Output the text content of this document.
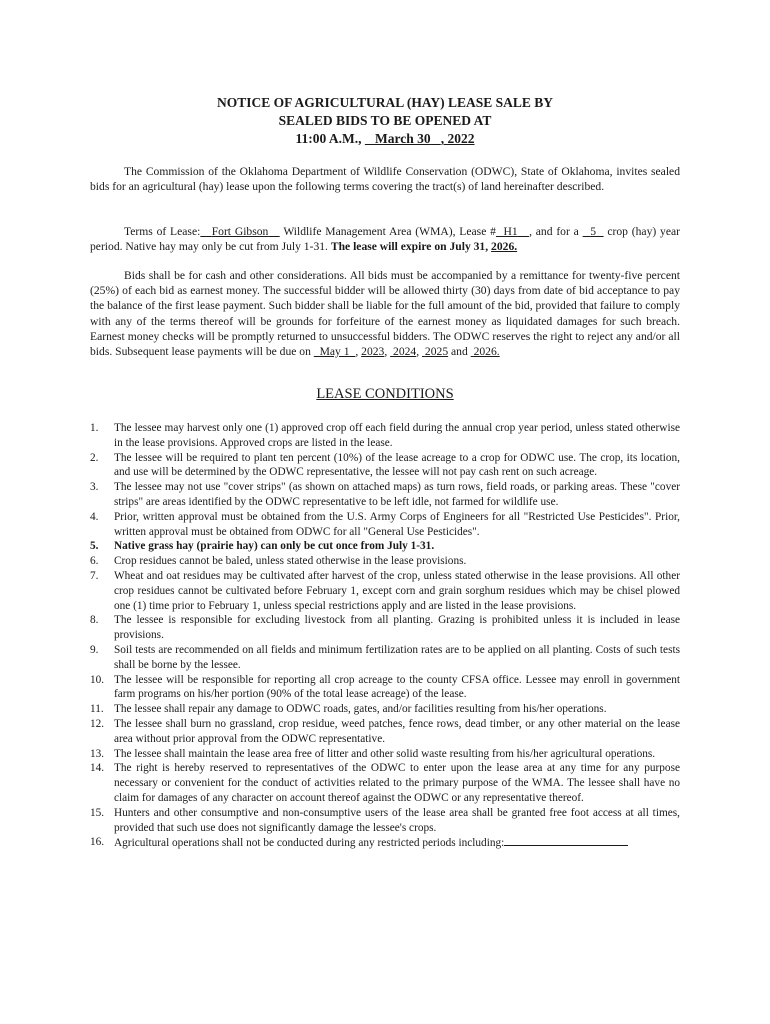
NOTICE OF AGRICULTURAL (HAY) LEASE SALE BY
SEALED BIDS TO BE OPENED AT
11:00 A.M.,    March 30 , 2022

The Commission of the Oklahoma Department of Wildlife Conservation (ODWC), State of Oklahoma, invites sealed bids for an agricultural (hay) lease upon the following terms covering the tract(s) of land hereinafter described.

Terms of Lease: Fort Gibson Wildlife Management Area (WMA), Lease # H1 , and for a 5 crop (hay) year period. Native hay may only be cut from July 1-31. The lease will expire on July 31, 2026.

Bids shall be for cash and other considerations. All bids must be accompanied by a remittance for twenty-five percent (25%) of each bid as earnest money. The successful bidder will be allowed thirty (30) days from date of bid acceptance to pay the balance of the first lease payment. Such bidder shall be liable for the full amount of the bid, provided that failure to comply with any of the terms thereof will be grounds for forfeiture of the earnest money as liquidated damages for such breach. Earnest money checks will be promptly returned to unsuccessful bidders. The ODWC reserves the right to reject any and/or all bids. Subsequent lease payments will be due on May 1 , 2023,  2024,  2025 and 2026.

LEASE CONDITIONS
1. The lessee may harvest only one (1) approved crop off each field during the annual crop year period, unless stated otherwise in the lease provisions. Approved crops are listed in the lease.
2. The lessee will be required to plant ten percent (10%) of the lease acreage to a crop for ODWC use. The crop, its location, and use will be determined by the ODWC representative, the lessee will not pay cash rent on such acreage.
3. The lessee may not use "cover strips" (as shown on attached maps) as turn rows, field roads, or parking areas. These "cover strips" are areas identified by the ODWC representative to be left idle, not farmed for wildlife use.
4. Prior, written approval must be obtained from the U.S. Army Corps of Engineers for all "Restricted Use Pesticides". Prior, written approval must be obtained from ODWC for all "General Use Pesticides".
5. Native grass hay (prairie hay) can only be cut once from July 1-31.
6. Crop residues cannot be baled, unless stated otherwise in the lease provisions.
7. Wheat and oat residues may be cultivated after harvest of the crop, unless stated otherwise in the lease provisions. All other crop residues cannot be cultivated before February 1, except corn and grain sorghum residues which may be chisel plowed one (1) time prior to February 1, unless special restrictions apply and are listed in the lease provisions.
8. The lessee is responsible for excluding livestock from all planting. Grazing is prohibited unless it is included in lease provisions.
9. Soil tests are recommended on all fields and minimum fertilization rates are to be applied on all planting. Costs of such tests shall be borne by the lessee.
10. The lessee will be responsible for reporting all crop acreage to the county CFSA office. Lessee may enroll in government farm programs on his/her portion (90% of the total lease acreage) of the lease.
11. The lessee shall repair any damage to ODWC roads, gates, and/or facilities resulting from his/her operations.
12. The lessee shall burn no grassland, crop residue, weed patches, fence rows, dead timber, or any other material on the lease area without prior approval from the ODWC representative.
13. The lessee shall maintain the lease area free of litter and other solid waste resulting from his/her agricultural operations.
14. The right is hereby reserved to representatives of the ODWC to enter upon the lease area at any time for any purpose necessary or convenient for the conduct of activities related to the primary purpose of the WMA. The lessee shall have no claim for damages of any character on account thereof against the ODWC or any representative thereof.
15. Hunters and other consumptive and non-consumptive users of the lease area shall be granted free foot access at all times, provided that such use does not significantly damage the lessee's crops.
16. Agricultural operations shall not be conducted during any restricted periods including:
